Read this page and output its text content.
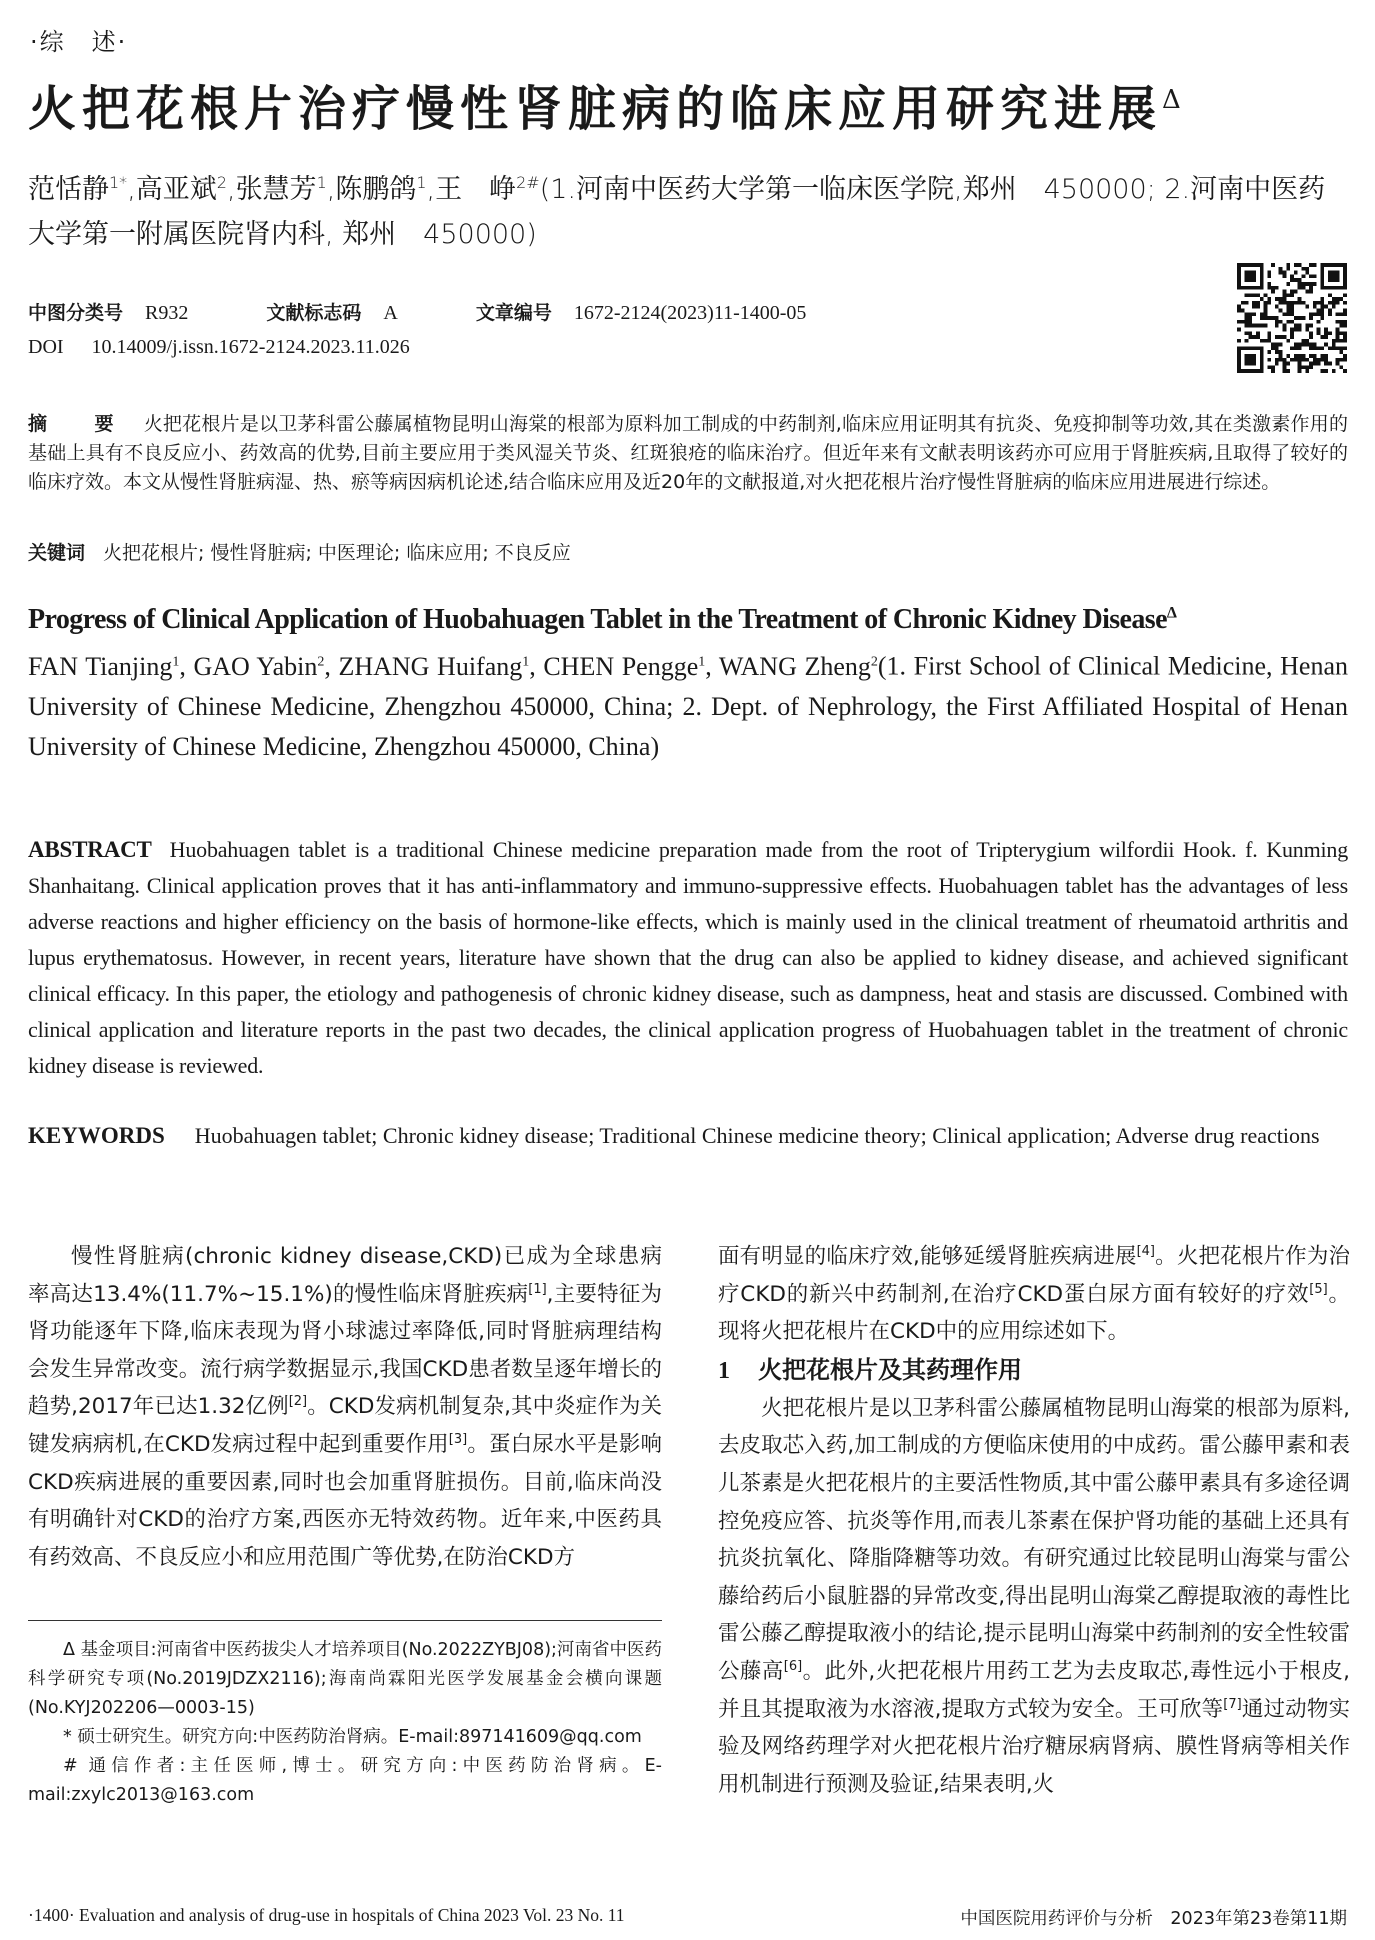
·综　述·
火把花根片治疗慢性肾脏病的临床应用研究进展$^\Delta$
范恬静$^{1*}$,高亚斌$^2$,张慧芳$^1$,陈鹏鸽$^1$,王　峥$^{2\#}$(1.河南中医药大学第一临床医学院,郑州　450000; 2.河南中医药大学第一附属医院肾内科, 郑州　450000)
中图分类号 R932	文献标志码 A	文章编号 1672-2124(2023)11-1400-05
DOI 10.14009/j.issn.1672-2124.2023.11.026
摘　要 火把花根片是以卫茅科雷公藤属植物昆明山海棠的根部为原料加工制成的中药制剂,临床应用证明其有抗炎、免疫抑制等功效,其在类激素作用的基础上具有不良反应小、药效高的优势,目前主要应用于类风湿关节炎、红斑狼疮的临床治疗。但近年来有文献表明该药亦可应用于肾脏疾病,且取得了较好的临床疗效。本文从慢性肾脏病湿、热、瘀等病因病机论述,结合临床应用及近20年的文献报道,对火把花根片治疗慢性肾脏病的临床应用进展进行综述。
关键词 火把花根片; 慢性肾脏病; 中医理论; 临床应用; 不良反应
Progress of Clinical Application of Huobahuagen Tablet in the Treatment of Chronic Kidney Disease$^\Delta$
FAN Tianjing$^1$, GAO Yabin$^2$, ZHANG Huifang$^1$, CHEN Pengge$^1$, WANG Zheng$^2$(1. First School of Clinical Medicine, Henan University of Chinese Medicine, Zhengzhou 450000, China; 2. Dept. of Nephrology, the First Affiliated Hospital of Henan University of Chinese Medicine, Zhengzhou 450000, China)
ABSTRACT Huobahuagen tablet is a traditional Chinese medicine preparation made from the root of Tripterygium wilfordii Hook. f. Kunming Shanhaitang. Clinical application proves that it has anti-inflammatory and immuno-suppressive effects. Huobahuagen tablet has the advantages of less adverse reactions and higher efficiency on the basis of hormone-like effects, which is mainly used in the clinical treatment of rheumatoid arthritis and lupus erythematosus. However, in recent years, literature have shown that the drug can also be applied to kidney disease, and achieved significant clinical efficacy. In this paper, the etiology and pathogenesis of chronic kidney disease, such as dampness, heat and stasis are discussed. Combined with clinical application and literature reports in the past two decades, the clinical application progress of Huobahuagen tablet in the treatment of chronic kidney disease is reviewed.
KEYWORDS Huobahuagen tablet; Chronic kidney disease; Traditional Chinese medicine theory; Clinical application; Adverse drug reactions

慢性肾脏病(chronic kidney disease,CKD)已成为全球患病率高达13.4%(11.7%~15.1%)的慢性临床肾脏疾病[1],主要特征为肾功能逐年下降,临床表现为肾小球滤过率降低,同时肾脏病理结构会发生异常改变。流行病学数据显示,我国CKD患者数呈逐年增长的趋势,2017年已达1.32亿例[2]。CKD发病机制复杂,其中炎症作为关键发病病机,在CKD发病过程中起到重要作用[3]。蛋白尿水平是影响CKD疾病进展的重要因素,同时也会加重肾脏损伤。目前,临床尚没有明确针对CKD的治疗方案,西医亦无特效药物。近年来,中医药具有药效高、不良反应小和应用范围广等优势,在防治CKD方

Δ 基金项目:河南省中医药拔尖人才培养项目(No.2022ZYBJ08);河南省中医药科学研究专项(No.2019JDZX2116);海南尚霖阳光医学发展基金会横向课题(No.KYJ202206—0003-15)

* 硕士研究生。研究方向:中医药防治肾病。E-mail:897141609@qq.com

# 通信作者:主任医师,博士。研究方向:中医药防治肾病。E-mail:zxylc2013@163.com

面有明显的临床疗效,能够延缓肾脏疾病进展[4]。火把花根片作为治疗CKD的新兴中药制剂,在治疗CKD蛋白尿方面有较好的疗效[5]。现将火把花根片在CKD中的应用综述如下。

1 火把花根片及其药理作用

火把花根片是以卫茅科雷公藤属植物昆明山海棠的根部为原料,去皮取芯入药,加工制成的方便临床使用的中成药。雷公藤甲素和表儿茶素是火把花根片的主要活性物质,其中雷公藤甲素具有多途径调控免疫应答、抗炎等作用,而表儿茶素在保护肾功能的基础上还具有抗炎抗氧化、降脂降糖等功效。有研究通过比较昆明山海棠与雷公藤给药后小鼠脏器的异常改变,得出昆明山海棠乙醇提取液的毒性比雷公藤乙醇提取液小的结论,提示昆明山海棠中药制剂的安全性较雷公藤高[6]。此外,火把花根片用药工艺为去皮取芯,毒性远小于根皮,并且其提取液为水溶液,提取方式较为安全。王可欣等[7]通过动物实验及网络药理学对火把花根片治疗糖尿病肾病、膜性肾病等相关作用机制进行预测及验证,结果表明,火

·1400· Evaluation and analysis of drug-use in hospitals of China 2023 Vol. 23 No. 11	中国医院用药评价与分析　2023年第23卷第11期
